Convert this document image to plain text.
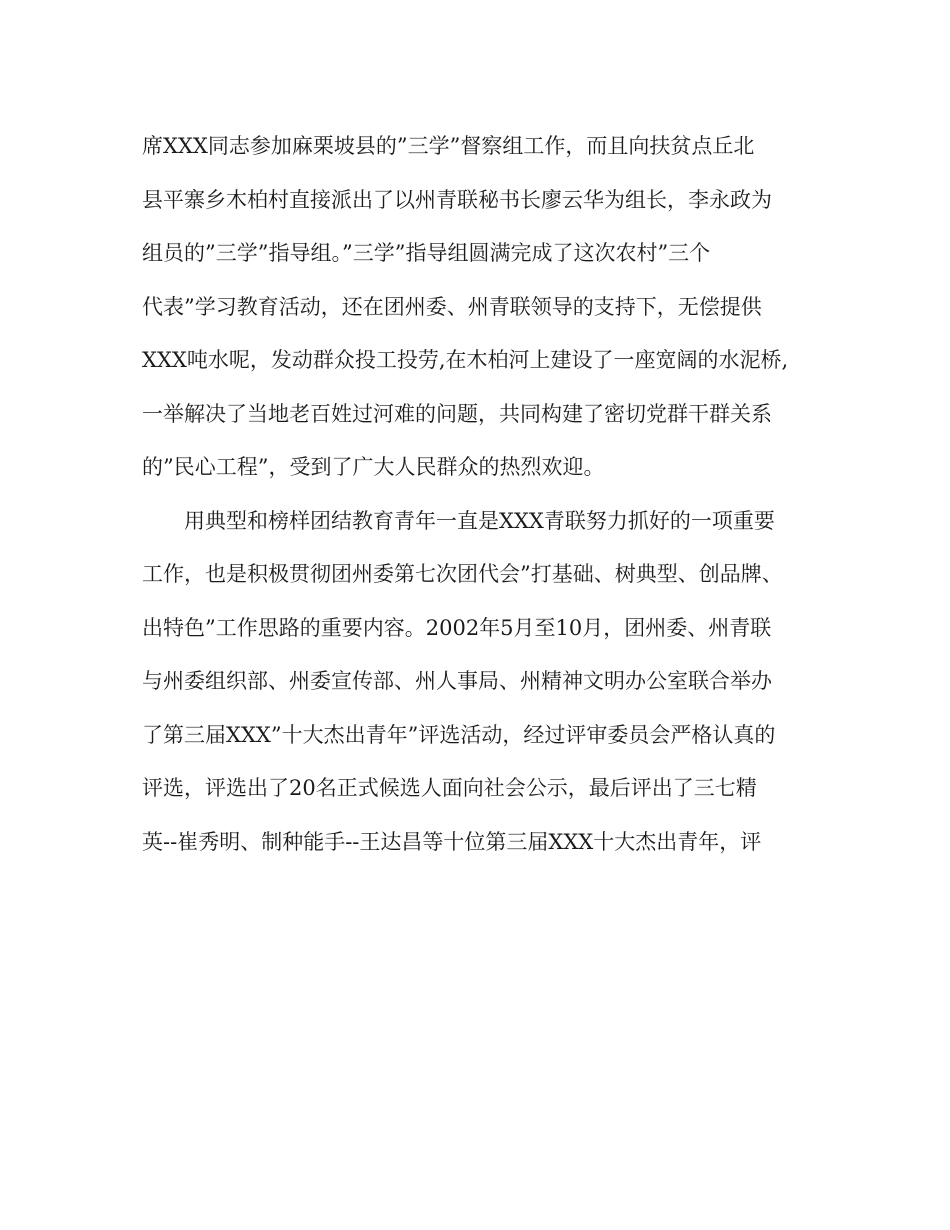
席XXX同志参加麻栗坡县的”三学”督察组工作，而且向扶贫点丘北
县平寨乡木柏村直接派出了以州青联秘书长廖云华为组长，李永政为
组员的”三学”指导组。”三学”指导组圆满完成了这次农村”三个
代表”学习教育活动，还在团州委、州青联领导的支持下，无偿提供
XXX吨水呢，发动群众投工投劳,在木柏河上建设了一座宽阔的水泥桥,
一举解决了当地老百姓过河难的问题，共同构建了密切党群干群关系
的”民心工程”，受到了广大人民群众的热烈欢迎。
用典型和榜样团结教育青年一直是XXX青联努力抓好的一项重要
工作，也是积极贯彻团州委第七次团代会”打基础、树典型、创品牌、
出特色”工作思路的重要内容。2002年5月至10月，团州委、州青联
与州委组织部、州委宣传部、州人事局、州精神文明办公室联合举办
了第三届XXX”十大杰出青年”评选活动，经过评审委员会严格认真的
评选，评选出了20名正式候选人面向社会公示，最后评出了三七精
英--崔秀明、制种能手--王达昌等十位第三届XXX十大杰出青年，评
